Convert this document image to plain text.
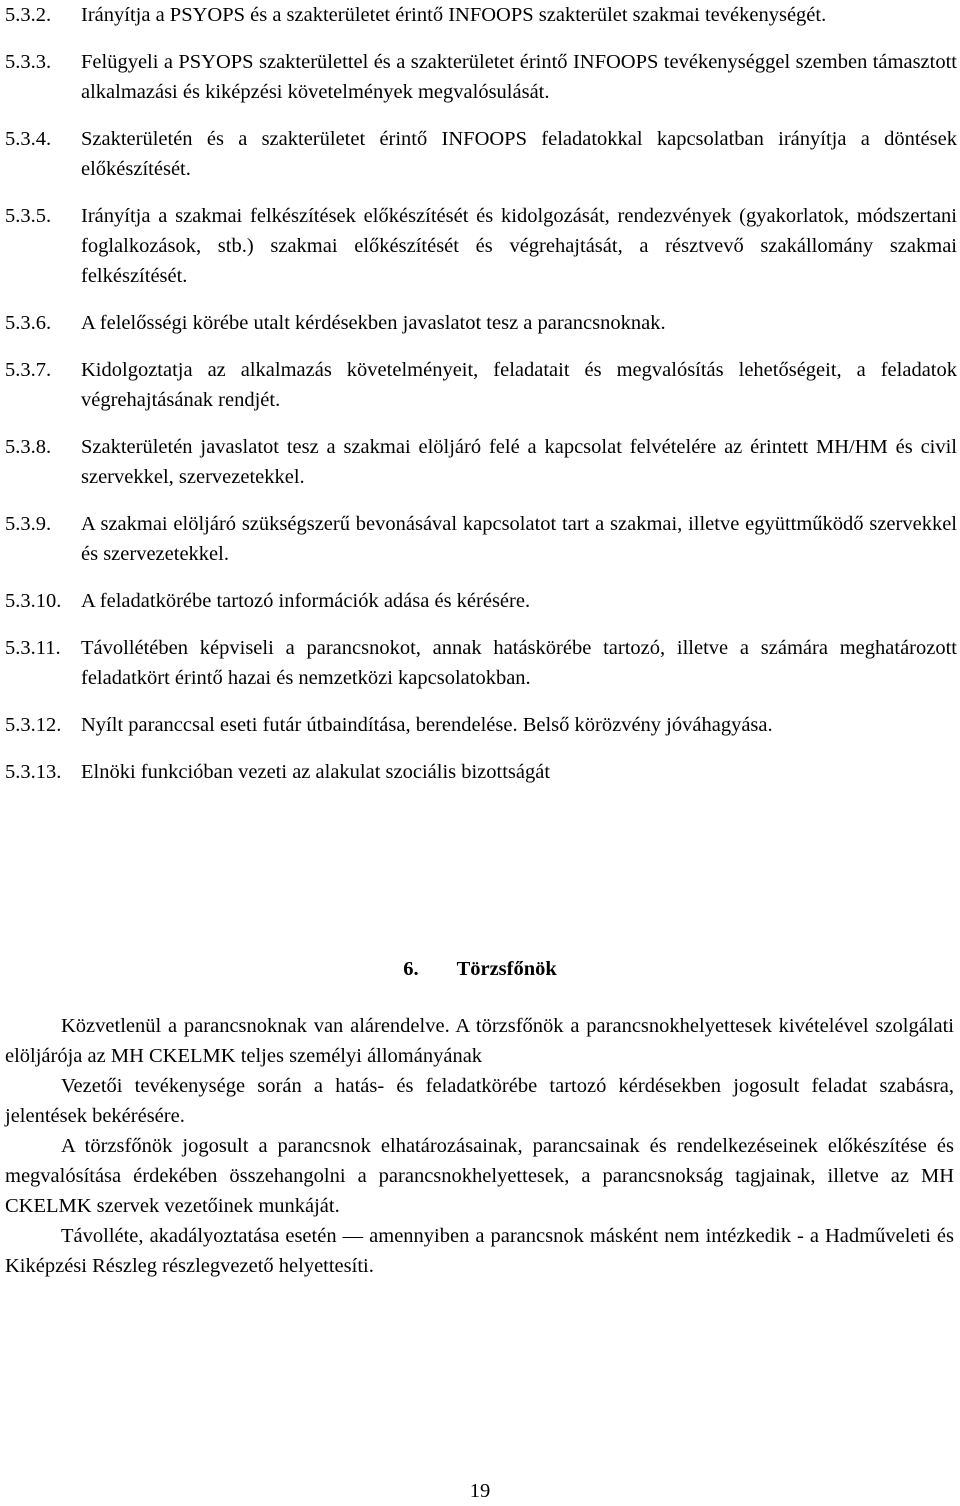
5.3.2.	Irányítja a PSYOPS és a szakterületet érintő INFOOPS szakterület szakmai tevékenységét.
5.3.3.	Felügyeli a PSYOPS szakterülettel és a szakterületet érintő INFOOPS tevékenységgel szemben támasztott alkalmazási és kiképzési követelmények megvalósulását.
5.3.4.	Szakterületén és a szakterületet érintő INFOOPS feladatokkal kapcsolatban irányítja a döntések előkészítését.
5.3.5.	Irányítja a szakmai felkészítések előkészítését és kidolgozását, rendezvények (gyakorlatok, módszertani foglalkozások, stb.) szakmai előkészítését és végrehajtását, a résztvevő szakállomány szakmai felkészítését.
5.3.6.	A felelősségi körébe utalt kérdésekben javaslatot tesz a parancsnoknak.
5.3.7.	Kidolgoztatja az alkalmazás követelményeit, feladatait és megvalósítás lehetőségeit, a feladatok végrehajtásának rendjét.
5.3.8.	Szakterületén javaslatot tesz a szakmai elöljáró felé a kapcsolat felvételére az érintett MH/HM és civil szervekkel, szervezetekkel.
5.3.9.	A szakmai elöljáró szükségszerű bevonásával kapcsolatot tart a szakmai, illetve együttműködő szervekkel és szervezetekkel.
5.3.10. A feladatkörébe tartozó információk adása és kérésére.
5.3.11. Távollétében képviseli a parancsnokot, annak hatáskörébe tartozó, illetve a számára meghatározott feladatkört érintő hazai és nemzetközi kapcsolatokban.
5.3.12. Nyílt paranccsal eseti futár útbaindítása, berendelése. Belső körözvény jóváhagyása.
5.3.13. Elnöki funkcióban vezeti az alakulat szociális bizottságát
6. Törzsfőnök

Közvetlenül a parancsnoknak van alárendelve. A törzsfőnök a parancsnokhelyettesek kivételével szolgálati elöljárója az MH CKELMK teljes személyi állományának

Vezetői tevékenysége során a hatás- és feladatkörébe tartozó kérdésekben jogosult feladat szabásra, jelentések bekérésére.

A törzsfőnök jogosult a parancsnok elhatározásainak, parancsainak és rendelkezéseinek előkészítése és megvalósítása érdekében összehangolni a parancsnokhelyettesek, a parancsnokság tagjainak, illetve az MH CKELMK szervek vezetőinek munkáját.

Távolléte, akadályoztatása esetén — amennyiben a parancsnok másként nem intézkedik - a Hadműveleti és Kiképzési Részleg részlegvezető helyettesíti.

19
